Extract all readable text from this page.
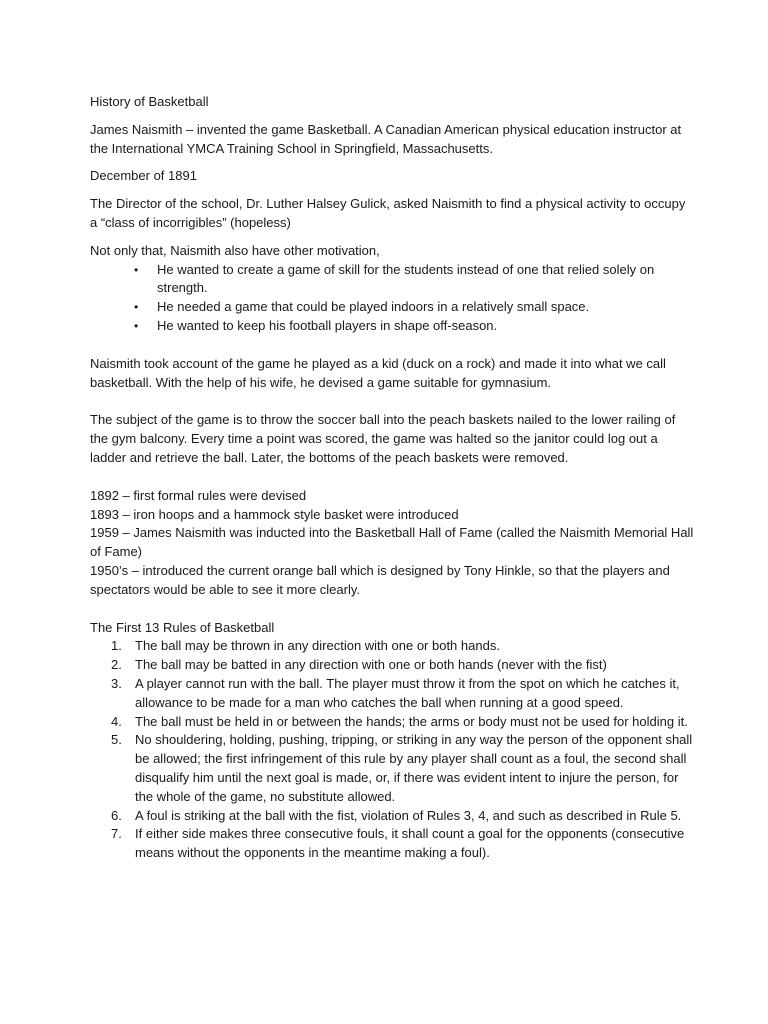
History of Basketball

James Naismith – invented the game Basketball. A Canadian American physical education instructor at the International YMCA Training School in Springfield, Massachusetts.

December of 1891

The Director of the school, Dr. Luther Halsey Gulick, asked Naismith to find a physical activity to occupy a “class of incorrigibles” (hopeless)

Not only that, Naismith also have other motivation,

• He wanted to create a game of skill for the students instead of one that relied solely on strength.
• He needed a game that could be played indoors in a relatively small space.
• He wanted to keep his football players in shape off-season.

Naismith took account of the game he played as a kid (duck on a rock) and made it into what we call basketball. With the help of his wife, he devised a game suitable for gymnasium.

The subject of the game is to throw the soccer ball into the peach baskets nailed to the lower railing of the gym balcony. Every time a point was scored, the game was halted so the janitor could log out a ladder and retrieve the ball. Later, the bottoms of the peach baskets were removed.

1892 – first formal rules were devised

1893 – iron hoops and a hammock style basket were introduced

1959 – James Naismith was inducted into the Basketball Hall of Fame (called the Naismith Memorial Hall of Fame)

1950’s – introduced the current orange ball which is designed by Tony Hinkle, so that the players and spectators would be able to see it more clearly.

The First 13 Rules of Basketball

1. The ball may be thrown in any direction with one or both hands.
2. The ball may be batted in any direction with one or both hands (never with the fist)
3. A player cannot run with the ball. The player must throw it from the spot on which he catches it, allowance to be made for a man who catches the ball when running at a good speed.
4. The ball must be held in or between the hands; the arms or body must not be used for holding it.
5. No shouldering, holding, pushing, tripping, or striking in any way the person of the opponent shall be allowed; the first infringement of this rule by any player shall count as a foul, the second shall disqualify him until the next goal is made, or, if there was evident intent to injure the person, for the whole of the game, no substitute allowed.
6. A foul is striking at the ball with the fist, violation of Rules 3, 4, and such as described in Rule 5.
7. If either side makes three consecutive fouls, it shall count a goal for the opponents (consecutive means without the opponents in the meantime making a foul).
